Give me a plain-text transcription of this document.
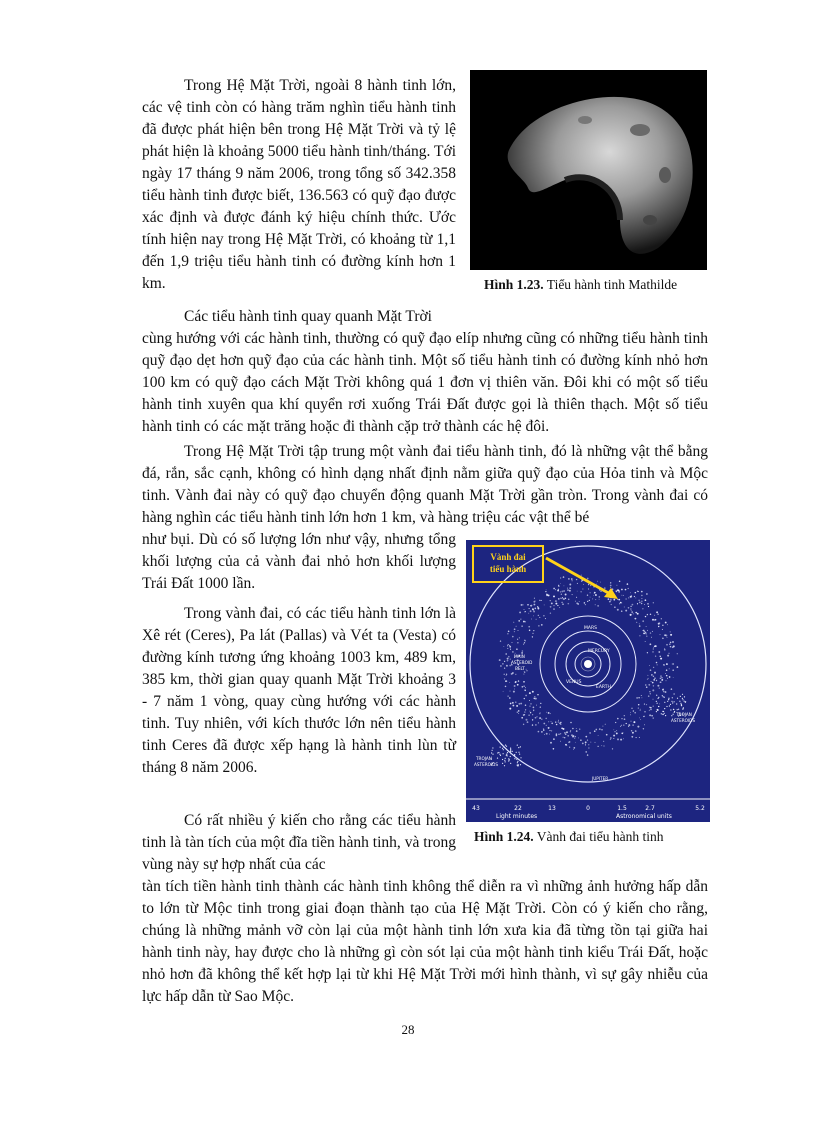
Trong Hệ Mặt Trời, ngoài 8 hành tinh lớn, các vệ tinh còn có hàng trăm nghìn tiểu hành tinh đã được phát hiện bên trong Hệ Mặt Trời và tỷ lệ phát hiện là khoảng 5000 tiểu hành tinh/tháng. Tới ngày 17 tháng 9 năm 2006, trong tổng số 342.358 tiểu hành tinh được biết, 136.563 có quỹ đạo được xác định và được đánh ký hiệu chính thức. Ước tính hiện nay trong Hệ Mặt Trời, có khoảng từ 1,1 đến 1,9 triệu tiểu hành tinh có đường kính hơn 1 km.	Hình 1.23. Tiểu hành tinh Mathilde

Các tiểu hành tinh quay quanh Mặt Trời

cùng hướng với các hành tinh, thường có quỹ đạo elíp nhưng cũng có những tiểu hành tinh quỹ đạo dẹt hơn quỹ đạo của các hành tinh. Một số tiểu hành tinh có đường kính nhỏ hơn 100 km có quỹ đạo cách Mặt Trời không quá 1 đơn vị thiên văn. Đôi khi có một số tiểu hành tinh xuyên qua khí quyển rơi xuống Trái Đất được gọi là thiên thạch. Một số tiểu hành tinh có các mặt trăng hoặc đi thành cặp trở thành các hệ đôi.

Trong Hệ Mặt Trời tập trung một vành đai tiểu hành tinh, đó là những vật thể bằng đá, rắn, sắc cạnh, không có hình dạng nhất định nằm giữa quỹ đạo của Hỏa tinh và Mộc tinh. Vành đai này có quỹ đạo chuyển động quanh Mặt Trời gần tròn. Trong vành đai có hàng nghìn các tiểu hành tinh lớn hơn 1 km, và hàng triệu các vật thể bé

như bụi. Dù có số lượng lớn như vậy, nhưng tổng khối lượng của cả vành đai nhỏ hơn khối lượng Trái Đất 1000 lần.

MARS
MERCURY
VENUS
EARTH
MAIN
ASTEROID
BELT
TROJAN
ASTEROIDS
TROJAN
ASTEROIDS
JUPITER
Vành đai
tiểu hành
43	22	13	0	1.5	2.7	5.2
Light minutes	Astronomical units
Hình 1.24. Vành đai tiểu hành tinh

Trong vành đai, có các tiểu hành tinh lớn là Xê rét (Ceres), Pa lát (Pallas) và Vét ta (Vesta) có đường kính tương ứng khoảng 1003 km, 489 km, 385 km, thời gian quay quanh Mặt Trời khoảng 3 - 7 năm 1 vòng, quay cùng hướng với các hành tinh. Tuy nhiên, với kích thước lớn nên tiểu hành tinh Ceres đã được xếp hạng là hành tinh lùn từ tháng 8 năm 2006.

Có rất nhiều ý kiến cho rằng các tiểu hành tinh là tàn tích của một đĩa tiền hành tinh, và trong vùng này sự hợp nhất của các

tàn tích tiền hành tinh thành các hành tinh không thể diễn ra vì những ảnh hưởng hấp dẫn to lớn từ Mộc tinh trong giai đoạn thành tạo của Hệ Mặt Trời. Còn có ý kiến cho rằng, chúng là những mảnh vỡ còn lại của một hành tinh lớn xưa kia đã từng tồn tại giữa hai hành tinh này, hay được cho là những gì còn sót lại của một hành tinh kiểu Trái Đất, hoặc nhỏ hơn đã không thể kết hợp lại từ khi Hệ Mặt Trời mới hình thành, vì sự gây nhiễu của lực hấp dẫn từ Sao Mộc.

28
